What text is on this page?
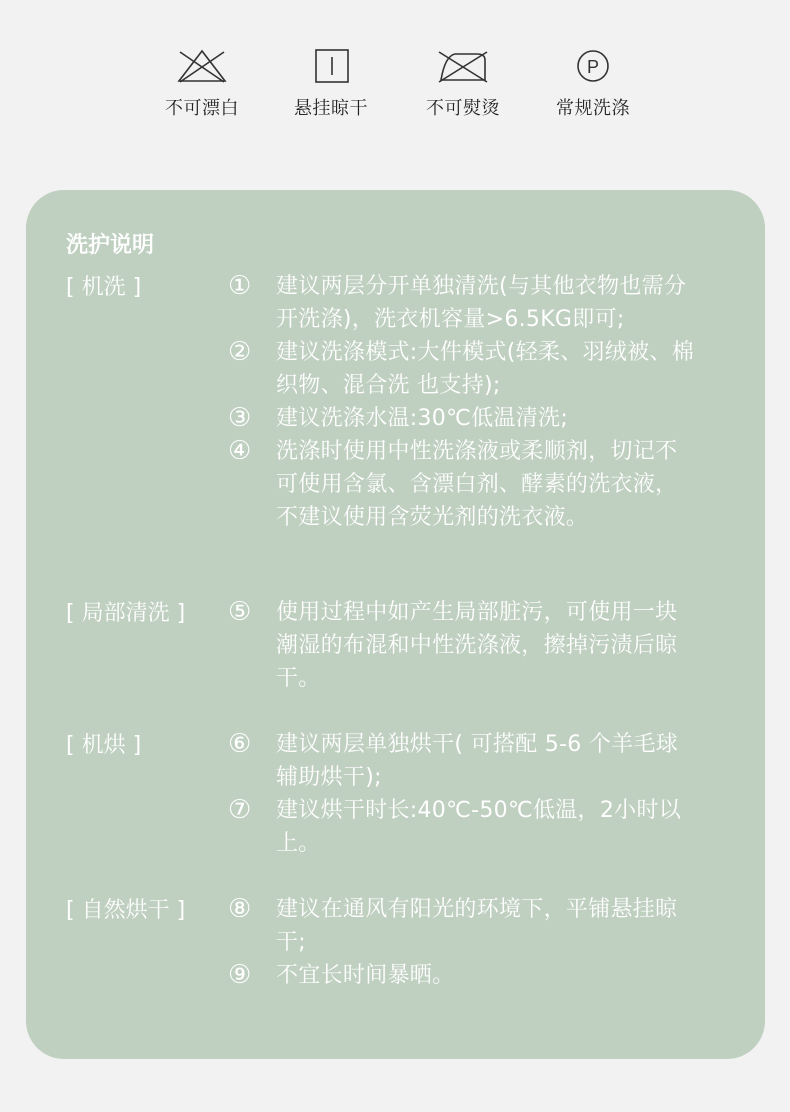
不可漂白	悬挂晾干	不可熨烫
P
常规洗涤
洗护说明
[ 机洗 ]	① 建议两层分开单独清洗(与其他衣物也需分开洗涤)，洗衣机容量>6.5KG即可;
② 建议洗涤模式:大件模式(轻柔、羽绒被、棉织物、混合洗 也支持);
③ 建议洗涤水温:30℃低温清洗;
④ 洗涤时使用中性洗涤液或柔顺剂，切记不可使用含氯、含漂白剂、酵素的洗衣液，不建议使用含荧光剂的洗衣液。
[ 局部清洗 ] ⑤ 使用过程中如产生局部脏污，可使用一块潮湿的布混和中性洗涤液，擦掉污渍后晾干。
[ 机烘 ]	⑥ 建议两层单独烘干( 可搭配 5-6 个羊毛球辅助烘干);
⑦ 建议烘干时长:40℃-50℃低温，2小时以上。
[ 自然烘干 ] ⑧ 建议在通风有阳光的环境下，平铺悬挂晾干;
⑨ 不宜长时间暴晒。
